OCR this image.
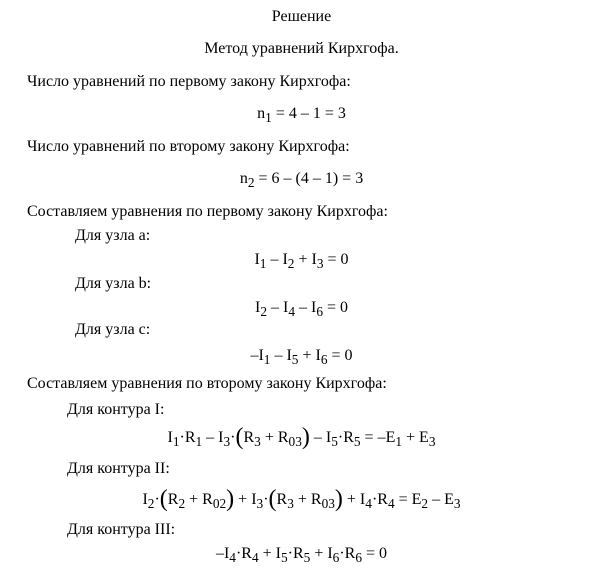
Решение
Метод уравнений Кирхгофа.
Число уравнений по первому закону Кирхгофа:
$n_1 = 4 - 1 = 3$
Число уравнений по второму закону Кирхгофа:
$n_2 = 6 - (4 - 1) = 3$
Составляем уравнения по первому закону Кирхгофа:
Для узла a:
$I_1 - I_2 + I_3 = 0$
Для узла b:
$I_2 - I_4 - I_6 = 0$
Для узла c:
$-I_1 - I_5 + I_6 = 0$
Составляем уравнения по второму закону Кирхгофа:
Для контура I:
$I_1\cdot R_1 - I_3\cdot(R_3 + R_{03}) - I_5\cdot R_5 = -E_1 + E_3$
Для контура II:
$I_2\cdot(R_2 + R_{02}) + I_3\cdot(R_3 + R_{03}) + I_4\cdot R_4 = E_2 - E_3$
Для контура III:
$-I_4\cdot R_4 + I_5\cdot R_5 + I_6\cdot R_6 = 0$
